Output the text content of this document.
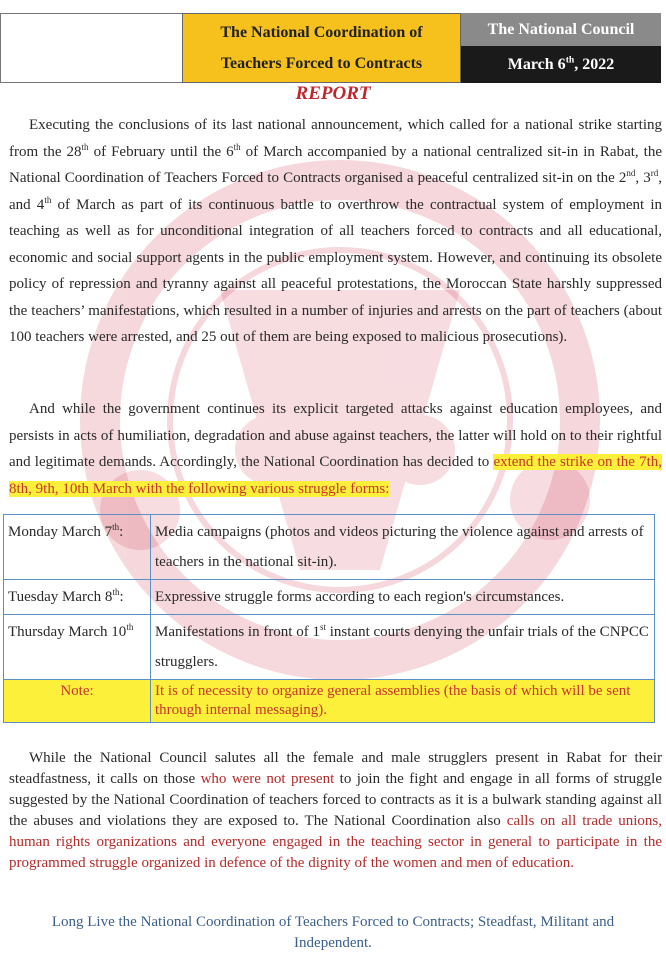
The National Coordination of
Teachers Forced to Contracts
The National Council
March 6th, 2022
REPORT

Executing the conclusions of its last national announcement, which called for a national strike starting from the 28th of February until the 6th of March accompanied by a national centralized sit-in in Rabat, the National Coordination of Teachers Forced to Contracts organised a peaceful centralized sit-in on the 2nd, 3rd, and 4th of March as part of its continuous battle to overthrow the contractual system of employment in teaching as well as for unconditional integration of all teachers forced to contracts and all educational, economic and social support agents in the public employment system. However, and continuing its obsolete policy of repression and tyranny against all peaceful protestations, the Moroccan State harshly suppressed the teachers’ manifestations, which resulted in a number of injuries and arrests on the part of teachers (about 100 teachers were arrested, and 25 out of them are being exposed to malicious prosecutions).

And while the government continues its explicit targeted attacks against education employees, and persists in acts of humiliation, degradation and abuse against teachers, the latter will hold on to their rightful and legitimate demands. Accordingly, the National Coordination has decided to extend the strike on the 7th, 8th, 9th, 10th March with the following various struggle forms:

Monday March 7th:	Media campaigns (photos and videos picturing the violence against and arrests of teachers in the national sit-in).
Tuesday March 8th:	Expressive struggle forms according to each region's circumstances.
Thursday March 10th	Manifestations in front of 1st instant courts denying the unfair trials of the CNPCC strugglers.
Note:	It is of necessity to organize general assemblies (the basis of which will be sent through internal messaging).

While the National Council salutes all the female and male strugglers present in Rabat for their steadfastness, it calls on those who were not present to join the fight and engage in all forms of struggle suggested by the National Coordination of teachers forced to contracts as it is a bulwark standing against all the abuses and violations they are exposed to. The National Coordination also calls on all trade unions, human rights organizations and everyone engaged in the teaching sector in general to participate in the programmed struggle organized in defence of the dignity of the women and men of education.

Long Live the National Coordination of Teachers Forced to Contracts; Steadfast, Militant and Independent.
